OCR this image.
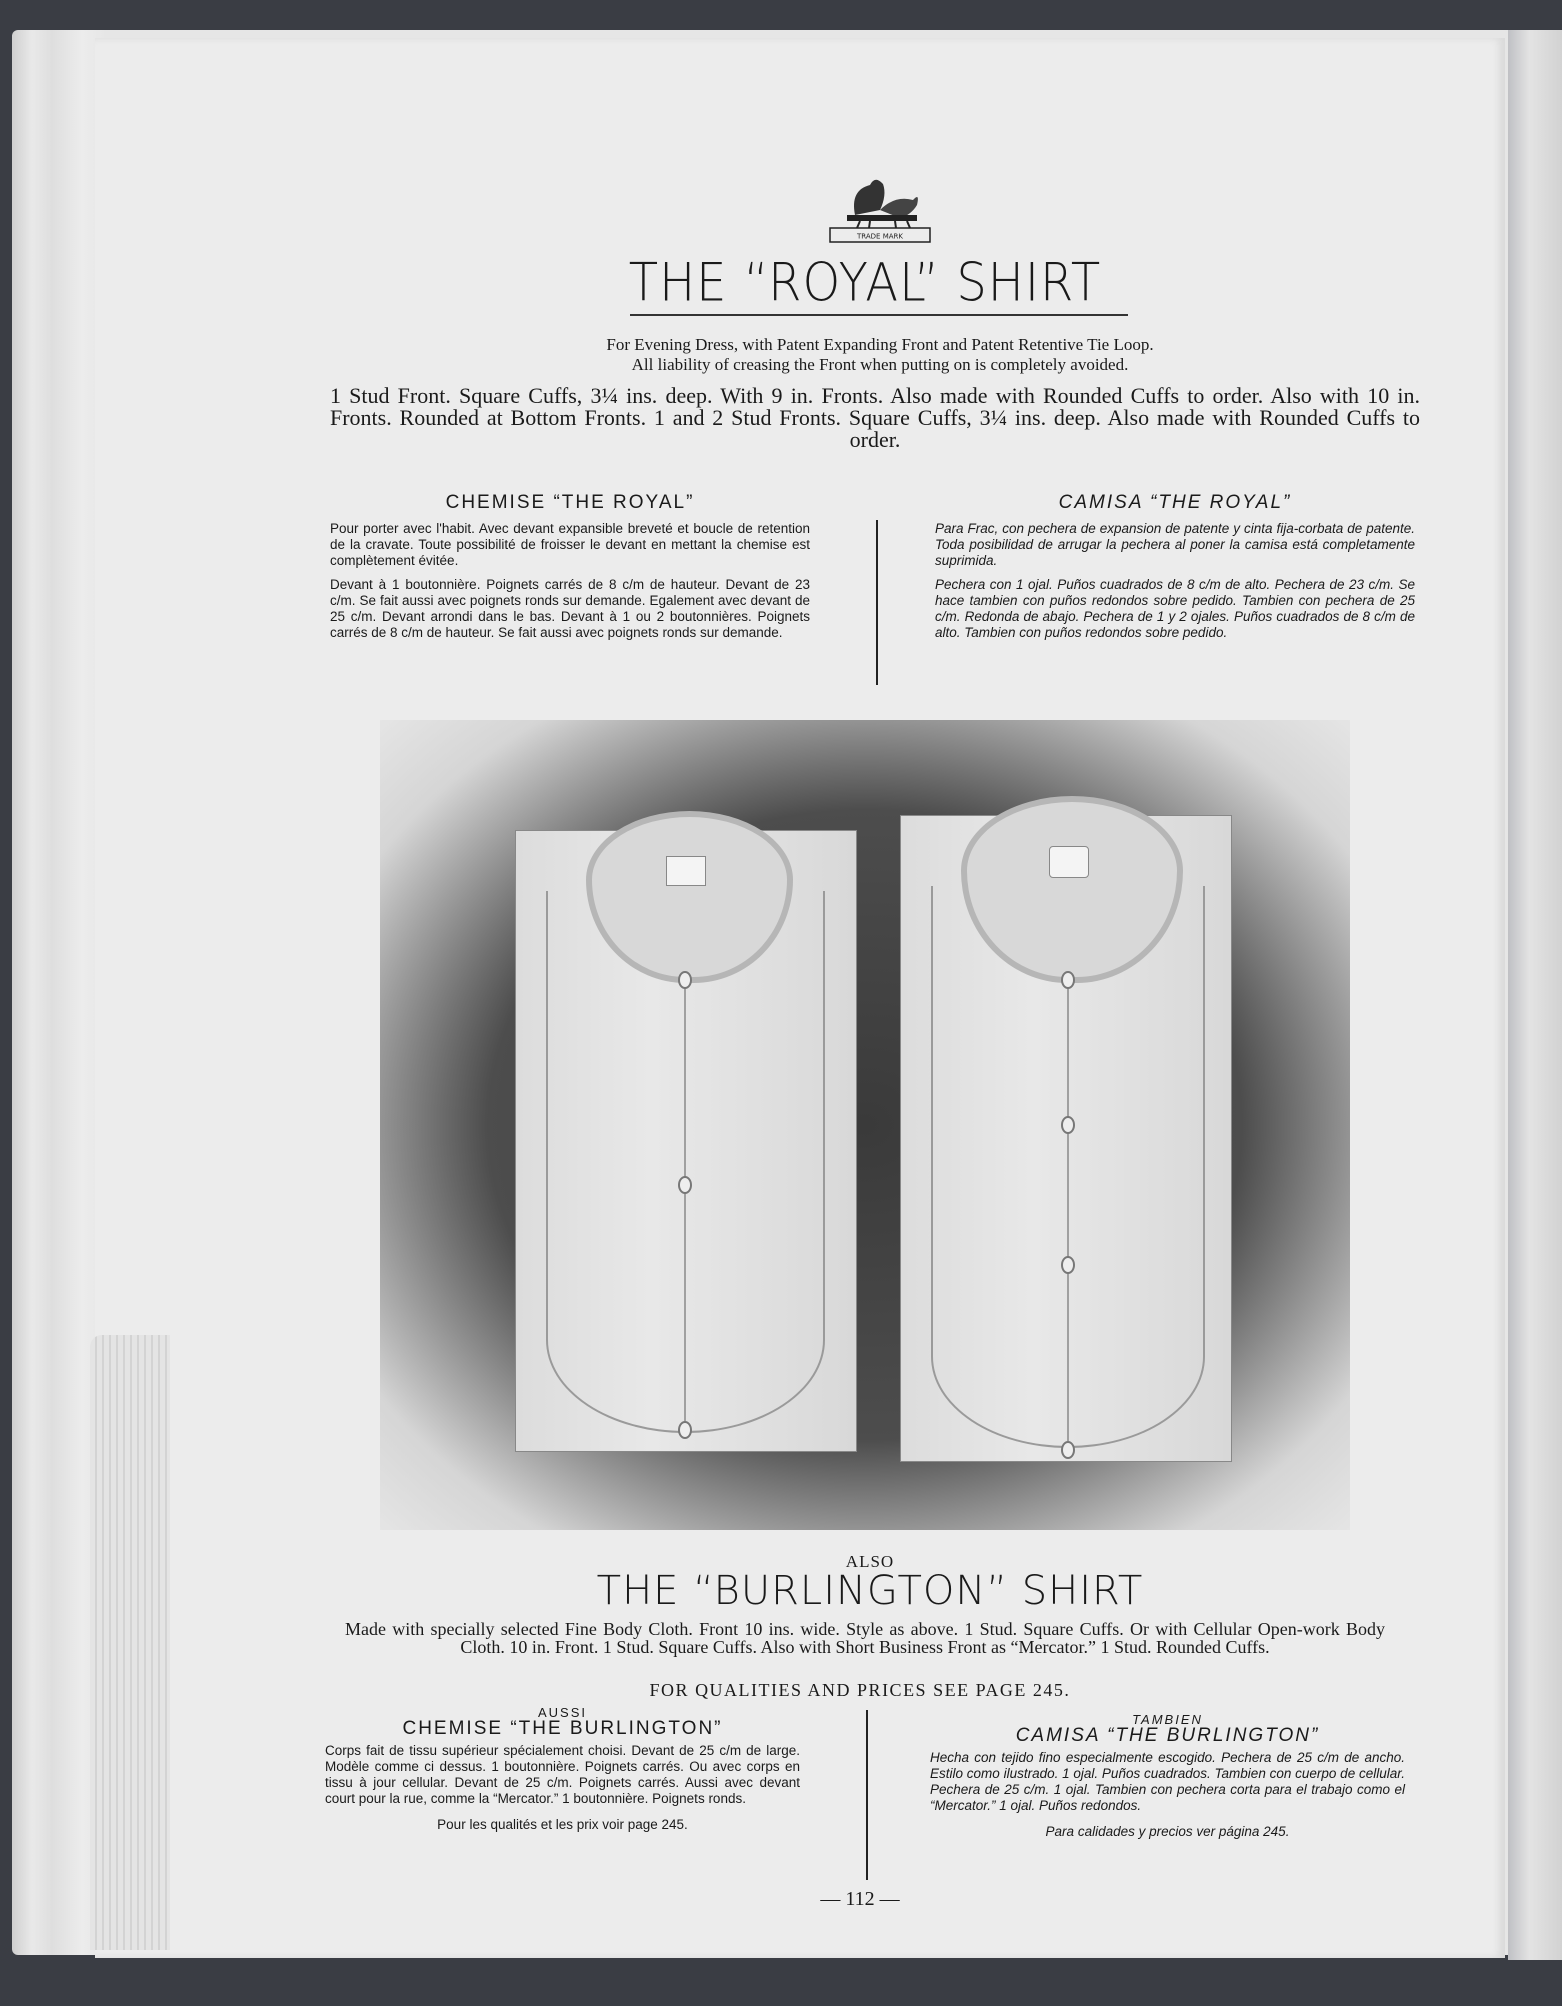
TRADE MARK
THE “ROYAL” SHIRT
For Evening Dress, with Patent Expanding Front and Patent Retentive Tie Loop.
All liability of creasing the Front when putting on is completely avoided.
1 Stud Front. Square Cuffs, 3¼ ins. deep. With 9 in. Fronts. Also made with Rounded Cuffs to order. Also with 10 in. Fronts. Rounded at Bottom Fronts. 1 and 2 Stud Fronts. Square Cuffs, 3¼ ins. deep. Also made with Rounded Cuffs to order.
CHEMISE “THE ROYAL”

Pour porter avec l'habit. Avec devant expansible breveté et boucle de retention de la cravate. Toute possibilité de froisser le devant en mettant la chemise est complètement évitée.

Devant à 1 boutonnière. Poignets carrés de 8 c/m de hauteur. Devant de 23 c/m. Se fait aussi avec poignets ronds sur demande. Egalement avec devant de 25 c/m. Devant arrondi dans le bas. Devant à 1 ou 2 boutonnières. Poignets carrés de 8 c/m de hauteur. Se fait aussi avec poignets ronds sur demande.

CAMISA “THE ROYAL”

Para Frac, con pechera de expansion de patente y cinta fija-corbata de patente. Toda posibilidad de arrugar la pechera al poner la camisa está completamente suprimida.

Pechera con 1 ojal. Puños cuadrados de 8 c/m de alto. Pechera de 23 c/m. Se hace tambien con puños redondos sobre pedido. Tambien con pechera de 25 c/m. Redonda de abajo. Pechera de 1 y 2 ojales. Puños cuadrados de 8 c/m de alto. Tambien con puños redondos sobre pedido.

ALSO
THE “BURLINGTON” SHIRT
Made with specially selected Fine Body Cloth. Front 10 ins. wide. Style as above. 1 Stud. Square Cuffs. Or with Cellular Open-work Body Cloth. 10 in. Front. 1 Stud. Square Cuffs. Also with Short Business Front as “Mercator.” 1 Stud. Rounded Cuffs.
FOR QUALITIES AND PRICES SEE PAGE 245.
AUSSI
CHEMISE “THE BURLINGTON”
Corps fait de tissu supérieur spécialement choisi. Devant de 25 c/m de large. Modèle comme ci dessus. 1 boutonnière. Poignets carrés. Ou avec corps en tissu à jour cellular. Devant de 25 c/m. Poignets carrés. Aussi avec devant court pour la rue, comme la “Mercator.” 1 boutonnière. Poignets ronds.
Pour les qualités et les prix voir page 245.
TAMBIEN
CAMISA “THE BURLINGTON”
Hecha con tejido fino especialmente escogido. Pechera de 25 c/m de ancho. Estilo como ilustrado. 1 ojal. Puños cuadrados. Tambien con cuerpo de cellular. Pechera de 25 c/m. 1 ojal. Tambien con pechera corta para el trabajo como el “Mercator.” 1 ojal. Puños redondos.
Para calidades y precios ver página 245.
— 112 —
